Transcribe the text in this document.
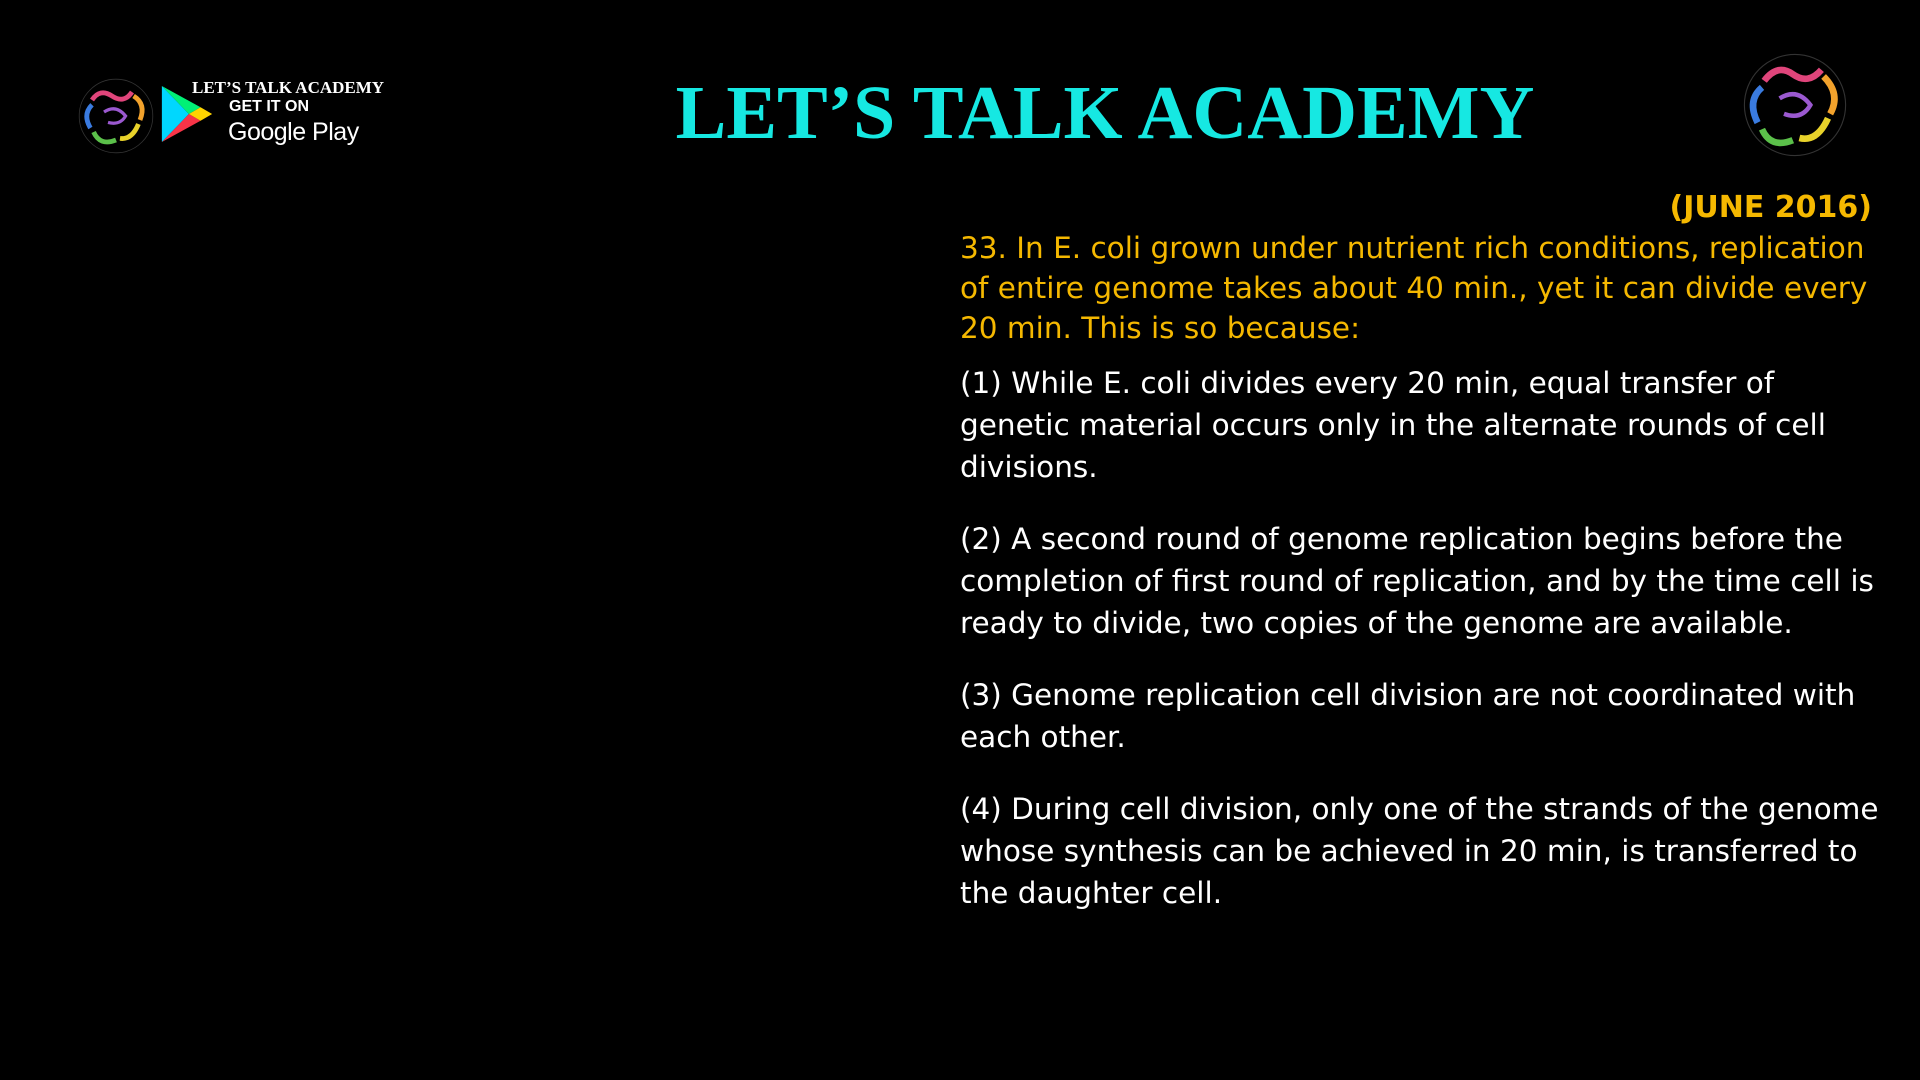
LET’S TALK ACADEMY
GET IT ON
Google Play	LET’S TALK ACADEMY
(JUNE 2016)
33. In E. coli grown under nutrient rich conditions, replication of entire genome takes about 40 min., yet it can divide every 20 min. This is so because:
(1) While E. coli divides every 20 min, equal transfer of genetic material occurs only in the alternate rounds of cell divisions.
(2) A second round of genome replication begins before the completion of first round of replication, and by the time cell is ready to divide, two copies of the genome are available.
(3) Genome replication cell division are not coordinated with each other.
(4) During cell division, only one of the strands of the genome whose synthesis can be achieved in 20 min, is transferred to the daughter cell.
